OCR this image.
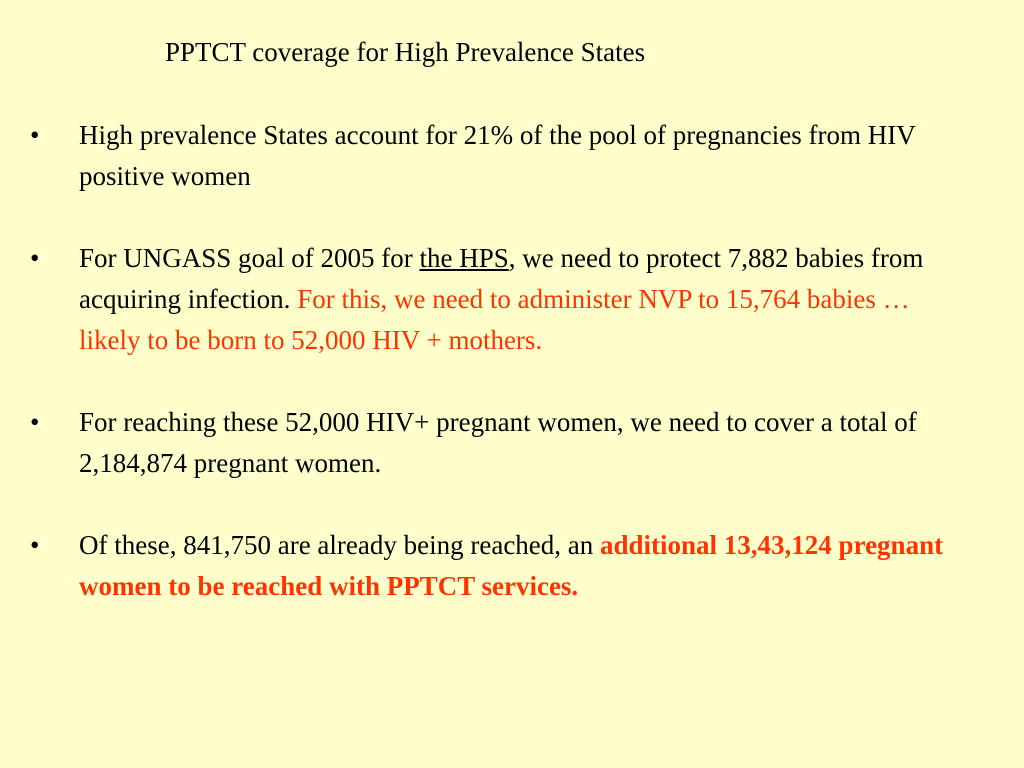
PPTCT coverage for High Prevalence States
• High prevalence States account for 21% of the pool of pregnancies from HIV positive women
• For UNGASS goal of 2005 for the HPS, we need to protect 7,882 babies from acquiring infection. For this, we need to administer NVP to 15,764 babies …likely to be born to 52,000 HIV + mothers.
• For reaching these 52,000 HIV+ pregnant women, we need to cover a total of 2,184,874 pregnant women.
• Of these, 841,750 are already being reached, an additional 13,43,124 pregnant women to be reached with PPTCT services.
